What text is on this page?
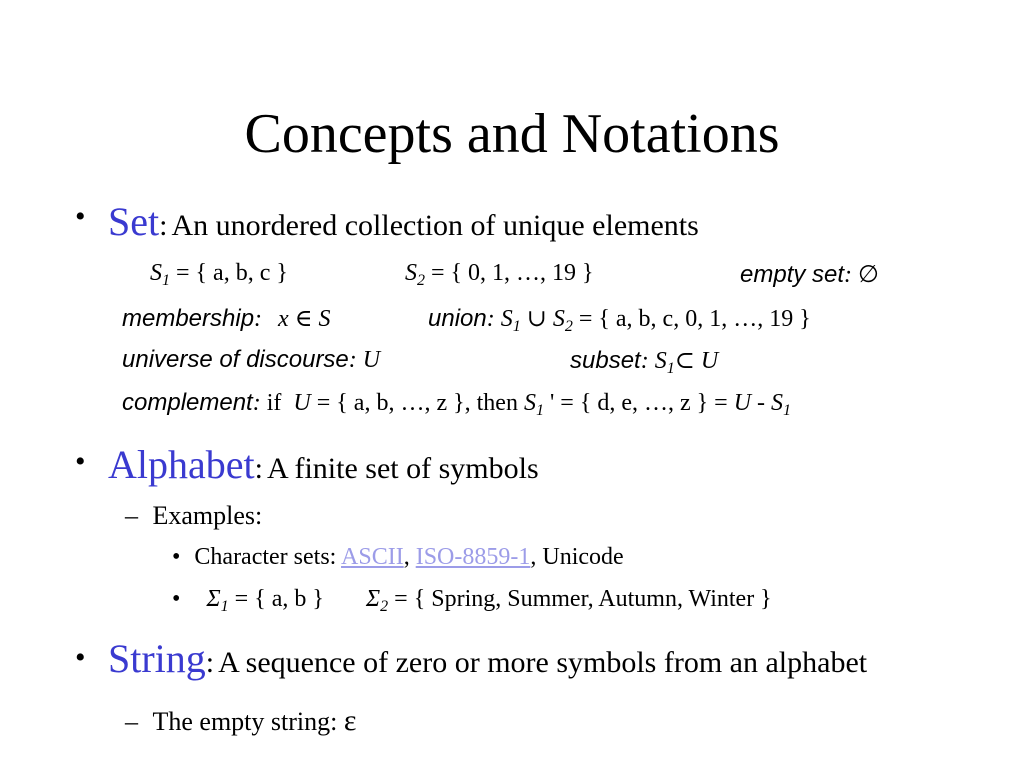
Concepts and Notations
• Set: An unordered collection of unique elements
$S_1$ = { a, b, c }	$S_2$ = { 0, 1, …, 19 }	empty set: ∅
membership: x ∈ S	union: $S_1$ ∪ $S_2$ = { a, b, c, 0, 1, …, 19 }
universe of discourse: U	subset: $S_1\subset$ U
complement: if U = { a, b, …, z }, then $S_1$ ' = { d, e, …, z } = U - $S_1$
• Alphabet: A finite set of symbols
– Examples:
• Character sets: ASCII, ISO-8859-1, Unicode
• $\Sigma_1$ = { a, b } $\Sigma_2$ = { Spring, Summer, Autumn, Winter }
• String: A sequence of zero or more symbols from an alphabet
– The empty string: ε
